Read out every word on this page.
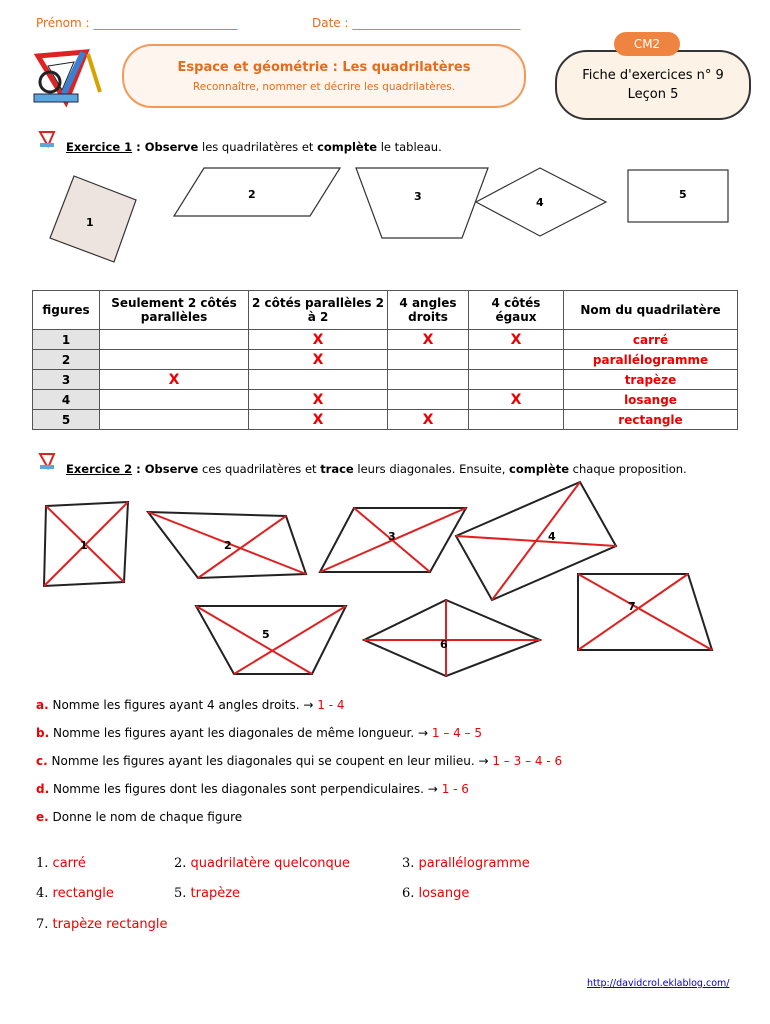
Prénom : ________________________	Date : ____________________________
Espace et géométrie : Les quadrilatères
Reconnaître, nommer et décrire les quadrilatères.
Fiche d'exercices n° 9
Leçon 5
CM2
Exercice 1 : Observe les quadrilatères et complète le tableau.
1
2	3	4
5
figures	Seulement 2 côtés parallèles	2 côtés parallèles 2 à 2	4 angles droits	4 côtés égaux	Nom du quadrilatère
1		X	X	X	carré
2		X			parallélogramme
3	X				trapèze
4		X		X	losange
5		X	X		rectangle
Exercice 2 : Observe ces quadrilatères et trace leurs diagonales. Ensuite, complète chaque proposition.
1	2
3	4
5
6
7
a. Nomme les figures ayant 4 angles droits. → 1 - 4
b. Nomme les figures ayant les diagonales de même longueur. → 1 – 4 – 5
c. Nomme les figures ayant les diagonales qui se coupent en leur milieu. → 1 – 3 – 4 - 6
d. Nomme les figures dont les diagonales sont perpendiculaires. → 1 - 6
e. Donne le nom de chaque figure
1. carré	2. quadrilatère quelconque	3. parallélogramme
4. rectangle	5. trapèze	6. losange
7. trapèze rectangle
http://davidcrol.eklablog.com/
